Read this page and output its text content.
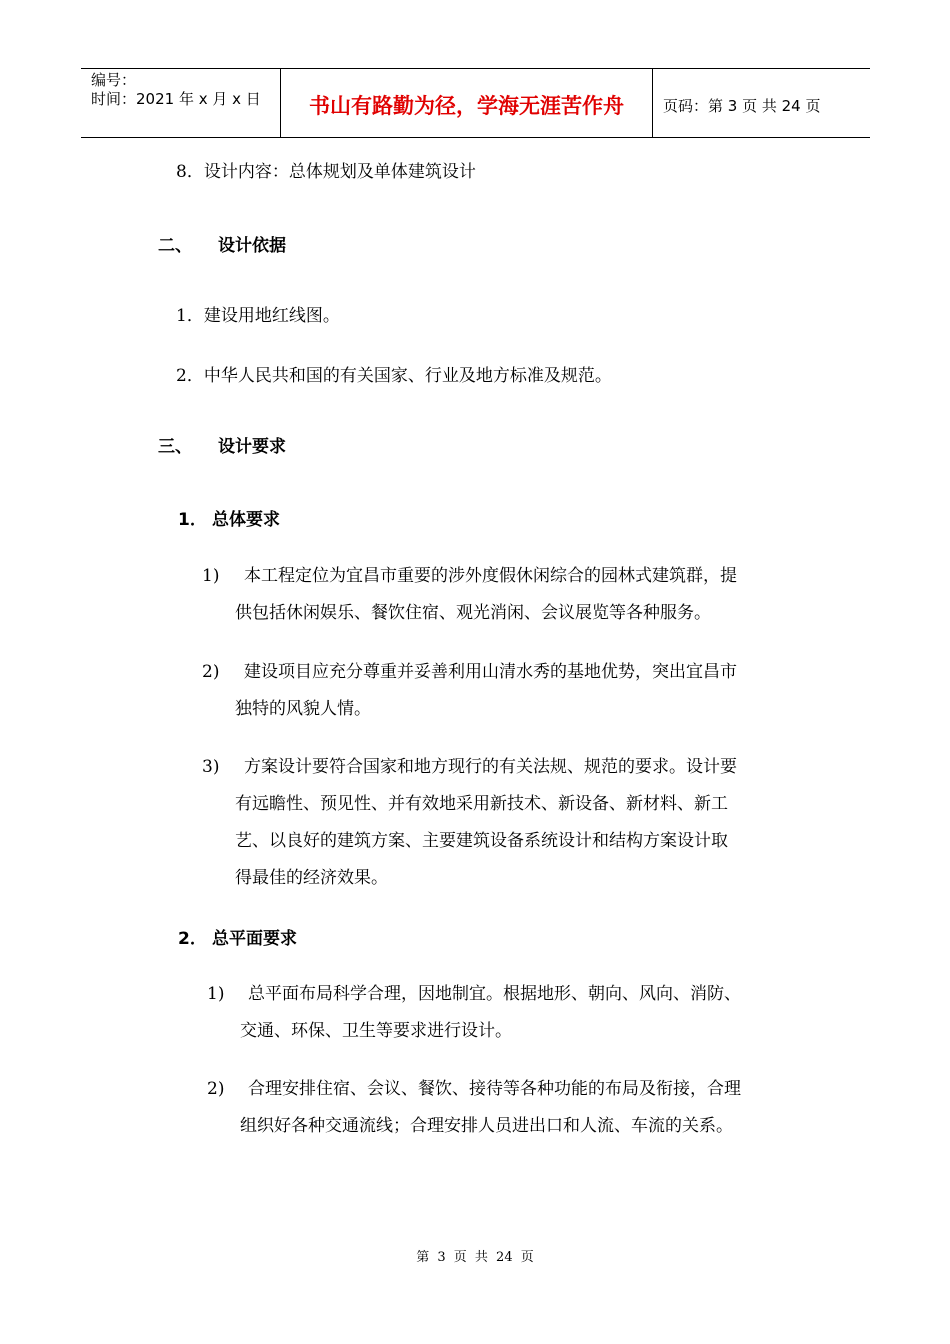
编号：
时间：2021 年 x 月 x 日	书山有路勤为径，学海无涯苦作舟	页码：第 3 页 共 24 页
8．设计内容：总体规划及单体建筑设计
二、 设计依据
1．建设用地红线图。
2．中华人民共和国的有关国家、行业及地方标准及规范。
三、 设计要求
1． 总体要求
1)	本工程定位为宜昌市重要的涉外度假休闲综合的园林式建筑群，提
供包括休闲娱乐、餐饮住宿、观光消闲、会议展览等各种服务。
2)	建设项目应充分尊重并妥善利用山清水秀的基地优势，突出宜昌市
独特的风貌人情。
3)	方案设计要符合国家和地方现行的有关法规、规范的要求。设计要
有远瞻性、预见性、并有效地采用新技术、新设备、新材料、新工
艺、以良好的建筑方案、主要建筑设备系统设计和结构方案设计取
得最佳的经济效果。
2． 总平面要求
1)	总平面布局科学合理，因地制宜。根据地形、朝向、风向、消防、
交通、环保、卫生等要求进行设计。
2)	合理安排住宿、会议、餐饮、接待等各种功能的布局及衔接，合理
组织好各种交通流线；合理安排人员进出口和人流、车流的关系。
第 3 页 共 24 页
